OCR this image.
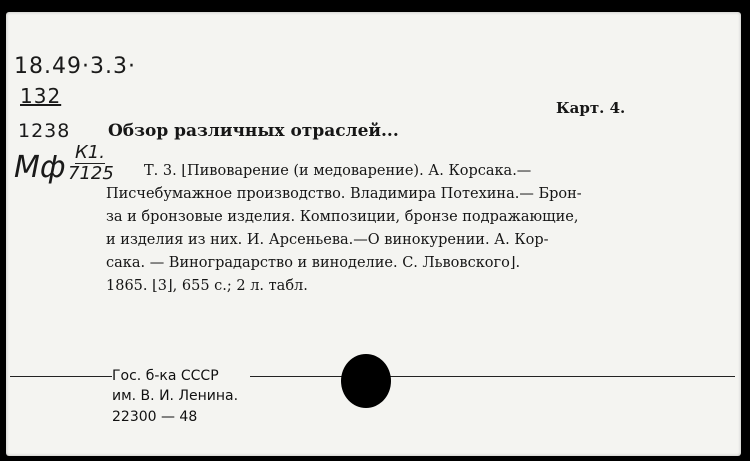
18.49·3.3·
132
1238
Мф К1.
7125
Карт. 4.
Обзор различных отраслей...

Т. 3. ⌊Пивоварение (и медоварение). А. Корсака.—

Писчебумажное производство. Владимира Потехина.— Брон-

за и бронзовые изделия. Композиции, бронзе подражающие,

и изделия из них. И. Арсеньева.—О винокурении. А. Кор-

сака. — Виноградарство и виноделие. С. Львовского⌋.

1865. ⌊3⌋, 655 с.; 2 л. табл.

Гос. б-ка СССР
им. В. И. Ленина.
22300 — 48
